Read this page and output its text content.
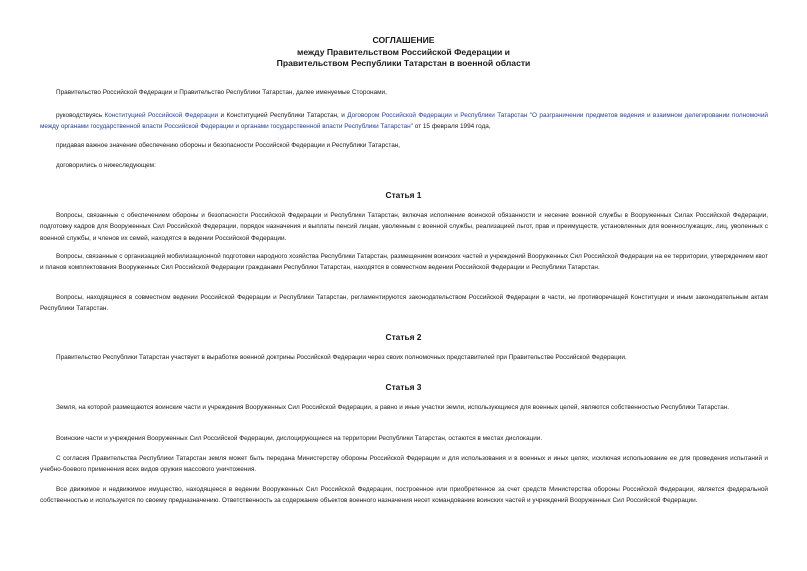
СОГЛАШЕНИЕ
между Правительством Российской Федерации и
Правительством Республики Татарстан в военной области
Правительство Российской Федерации и Правительство Республики Татарстан, далее именуемые Сторонами,
руководствуясь Конституцией Российской Федерации и Конституцией Республики Татарстан, и Договором Российской Федерации и Республики Татарстан "О разграничении предметов ведения и взаимном делегировании полномочий между органами государственной власти Российской Федерации и органами государственной власти Республики Татарстан" от 15 февраля 1994 года,
придавая важное значение обеспечению обороны и безопасности Российской Федерации и Республики Татарстан,
договорились о нижеследующем:
Статья 1
Вопросы, связанные с обеспечением обороны и безопасности Российской Федерации и Республики Татарстан, включая исполнение воинской обязанности и несение военной службы в Вооруженных Силах Российской Федерации, подготовку кадров для Вооруженных Сил Российской Федерации, порядок назначения и выплаты пенсий лицам, уволенным с военной службы, реализацией льгот, прав и преимуществ, установленных для военнослужащих, лиц, уволенных с военной службы, и членов их семей, находятся в ведении Российской Федерации.
Вопросы, связанные с организацией мобилизационной подготовки народного хозяйства Республики Татарстан, размещением воинских частей и учреждений Вооруженных Сил Российской Федерации на ее территории, утверждением квот и планов комплектования Вооруженных Сил Российской Федерации гражданами Республики Татарстан, находятся в совместном ведении Российской Федерации и Республики Татарстан.
Вопросы, находящиеся в совместном ведении Российской Федерации и Республики Татарстан, регламентируются законодательством Российской Федерации в части, не противоречащей Конституции и иным законодательным актам Республики Татарстан.
Статья 2
Правительство Республики Татарстан участвует в выработке военной доктрины Российской Федерации через своих полномочных представителей при Правительстве Российской Федерации.
Статья 3
Земля, на которой размещаются воинские части и учреждения Вооруженных Сил Российской Федерации, а равно и иные участки земли, использующиеся для военных целей, являются собственностью Республики Татарстан.
Воинские части и учреждения Вооруженных Сил Российской Федерации, дислоцирующиеся на территории Республики Татарстан, остаются в местах дислокации.
С согласия Правительства Республики Татарстан земля может быть передана Министерству обороны Российской Федерации и для использования и в военных и иных целях, исключая использование ее для проведения испытаний и учебно-боевого применения всех видов оружия массового уничтожения.
Все движимое и недвижимое имущество, находящееся в ведении Вооруженных Сил Российской Федерации, построенное или приобретенное за счет средств Министерства обороны Российской Федерации, является федеральной собственностью и используется по своему предназначению. Ответственность за содержание объектов военного назначения несет командование воинских частей и учреждений Вооруженных Сил Российской Федерации.
